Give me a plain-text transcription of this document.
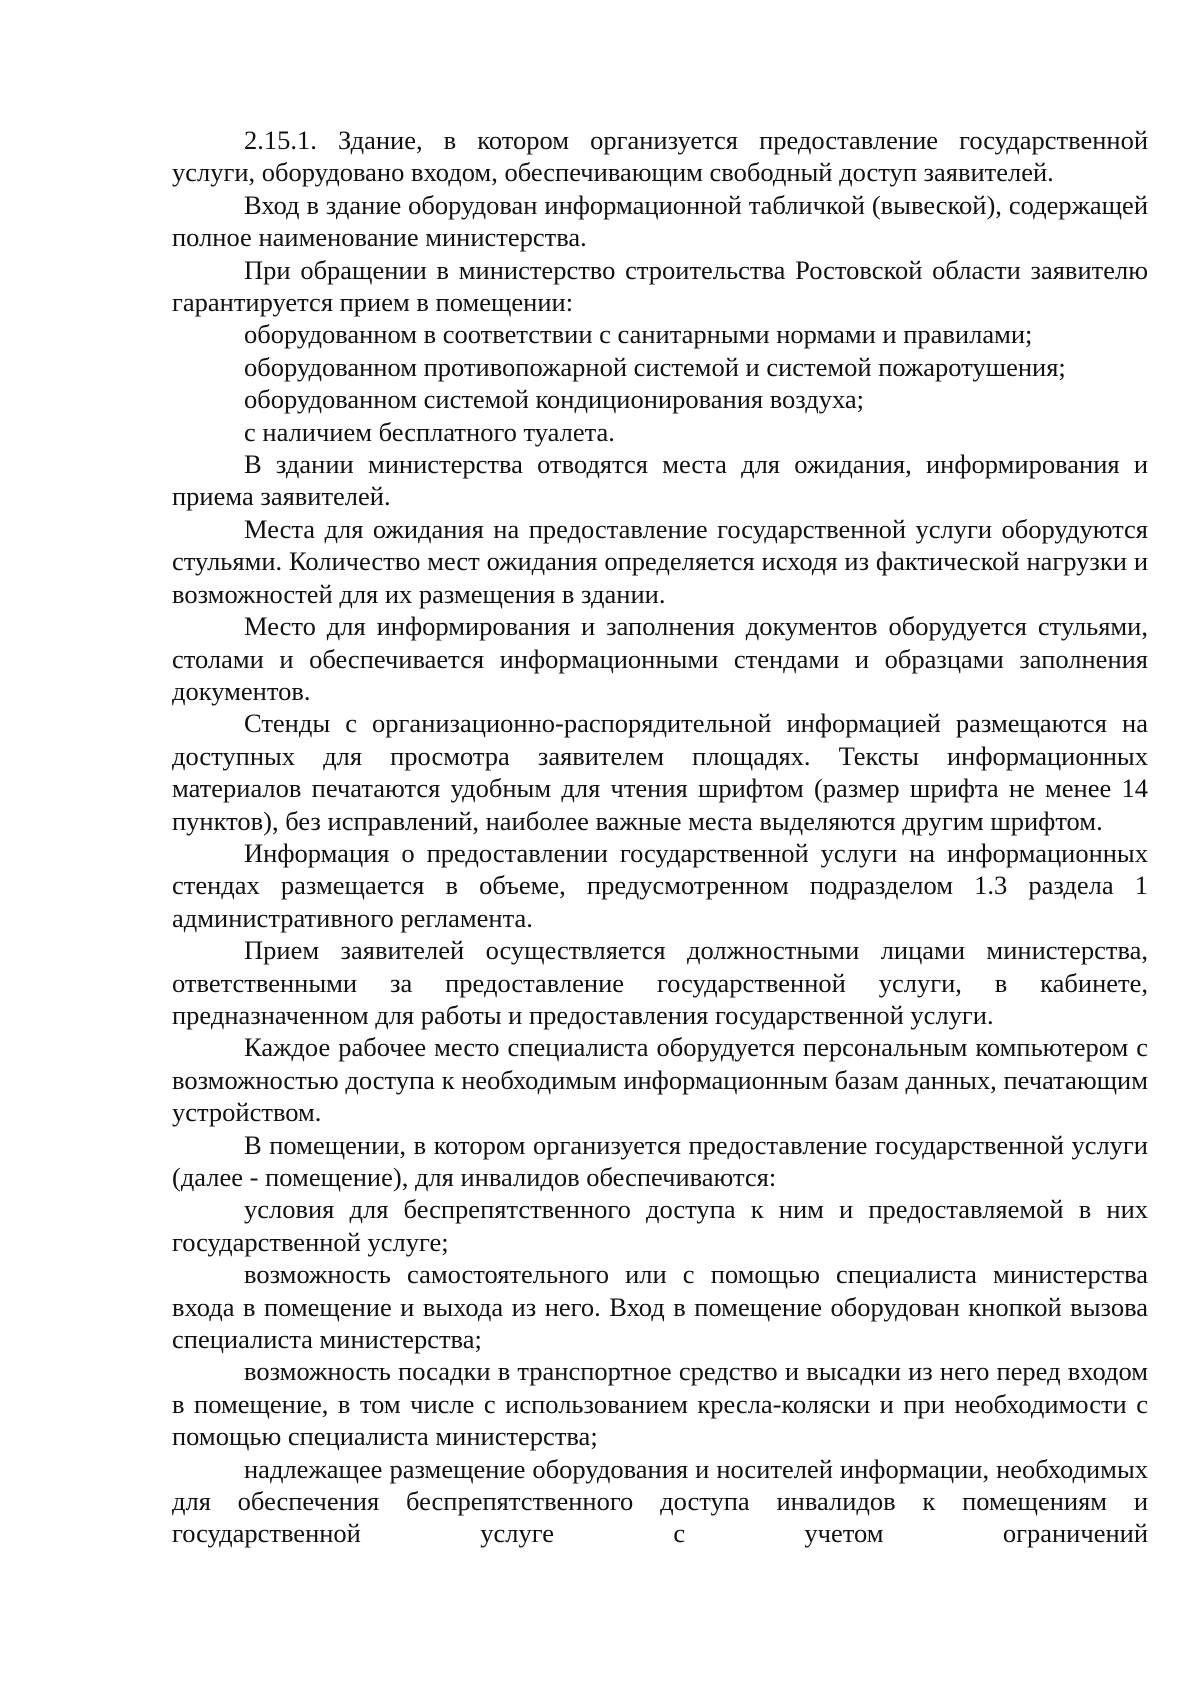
2.15.1. Здание, в котором организуется предоставление государственной услуги, оборудовано входом, обеспечивающим свободный доступ заявителей.

Вход в здание оборудован информационной табличкой (вывеской), содержащей полное наименование министерства.

При обращении в министерство строительства Ростовской области заявителю гарантируется прием в помещении:

оборудованном в соответствии с санитарными нормами и правилами;

оборудованном противопожарной системой и системой пожаротушения;

оборудованном системой кондиционирования воздуха;

с наличием бесплатного туалета.

В здании министерства отводятся места для ожидания, информирования и приема заявителей.

Места для ожидания на предоставление государственной услуги оборудуются стульями. Количество мест ожидания определяется исходя из фактической нагрузки и возможностей для их размещения в здании.

Место для информирования и заполнения документов оборудуется стульями, столами и обеспечивается информационными стендами и образцами заполнения документов.

Стенды с организационно-распорядительной информацией размещаются на доступных для просмотра заявителем площадях. Тексты информационных материалов печатаются удобным для чтения шрифтом (размер шрифта не менее 14 пунктов), без исправлений, наиболее важные места выделяются другим шрифтом.

Информация о предоставлении государственной услуги на информационных стендах размещается в объеме, предусмотренном подразделом 1.3 раздела 1 административного регламента.

Прием заявителей осуществляется должностными лицами министерства, ответственными за предоставление государственной услуги, в кабинете, предназначенном для работы и предоставления государственной услуги.

Каждое рабочее место специалиста оборудуется персональным компьютером с возможностью доступа к необходимым информационным базам данных, печатающим устройством.

В помещении, в котором организуется предоставление государственной услуги (далее - помещение), для инвалидов обеспечиваются:

условия для беспрепятственного доступа к ним и предоставляемой в них государственной услуге;

возможность самостоятельного или с помощью специалиста министерства входа в помещение и выхода из него. Вход в помещение оборудован кнопкой вызова специалиста министерства;

возможность посадки в транспортное средство и высадки из него перед входом в помещение, в том числе с использованием кресла-коляски и при необходимости с помощью специалиста министерства;

надлежащее размещение оборудования и носителей информации, необходимых для обеспечения беспрепятственного доступа инвалидов к помещениям и государственной услуге с учетом ограничений
